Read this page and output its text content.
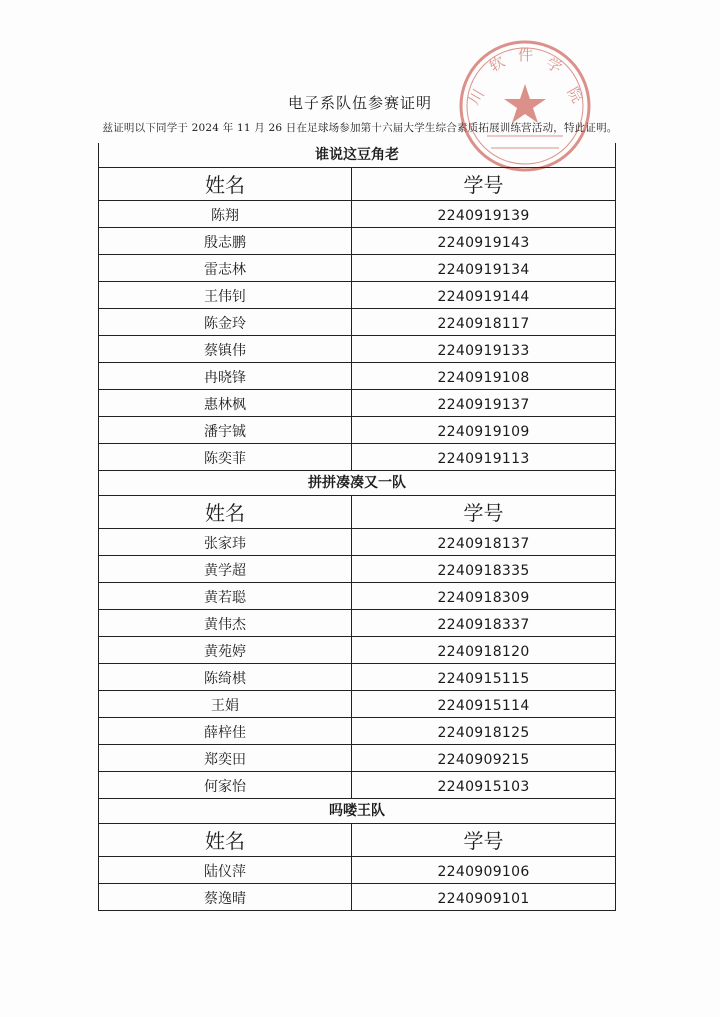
电子系队伍参赛证明
兹证明以下同学于 2024 年 11 月 26 日在足球场参加第十六届大学生综合素质拓展训练营活动，特此证明。
川
软 件 学
院
谁说这豆角老
姓名	学号
陈翔	2240919139
殷志鹏	2240919143
雷志林	2240919134
王伟钊	2240919144
陈金玲	2240918117
蔡镇伟	2240919133
冉晓锋	2240919108
惠林枫	2240919137
潘宇铖	2240919109
陈奕菲	2240919113
拼拼凑凑又一队
姓名	学号
张家玮	2240918137
黄学超	2240918335
黄若聪	2240918309
黄伟杰	2240918337
黄苑婷	2240918120
陈绮棋	2240915115
王娟	2240915114
薛梓佳	2240918125
郑奕田	2240909215
何家怡	2240915103
吗喽王队
姓名	学号
陆仪萍	2240909106
蔡逸晴	2240909101
